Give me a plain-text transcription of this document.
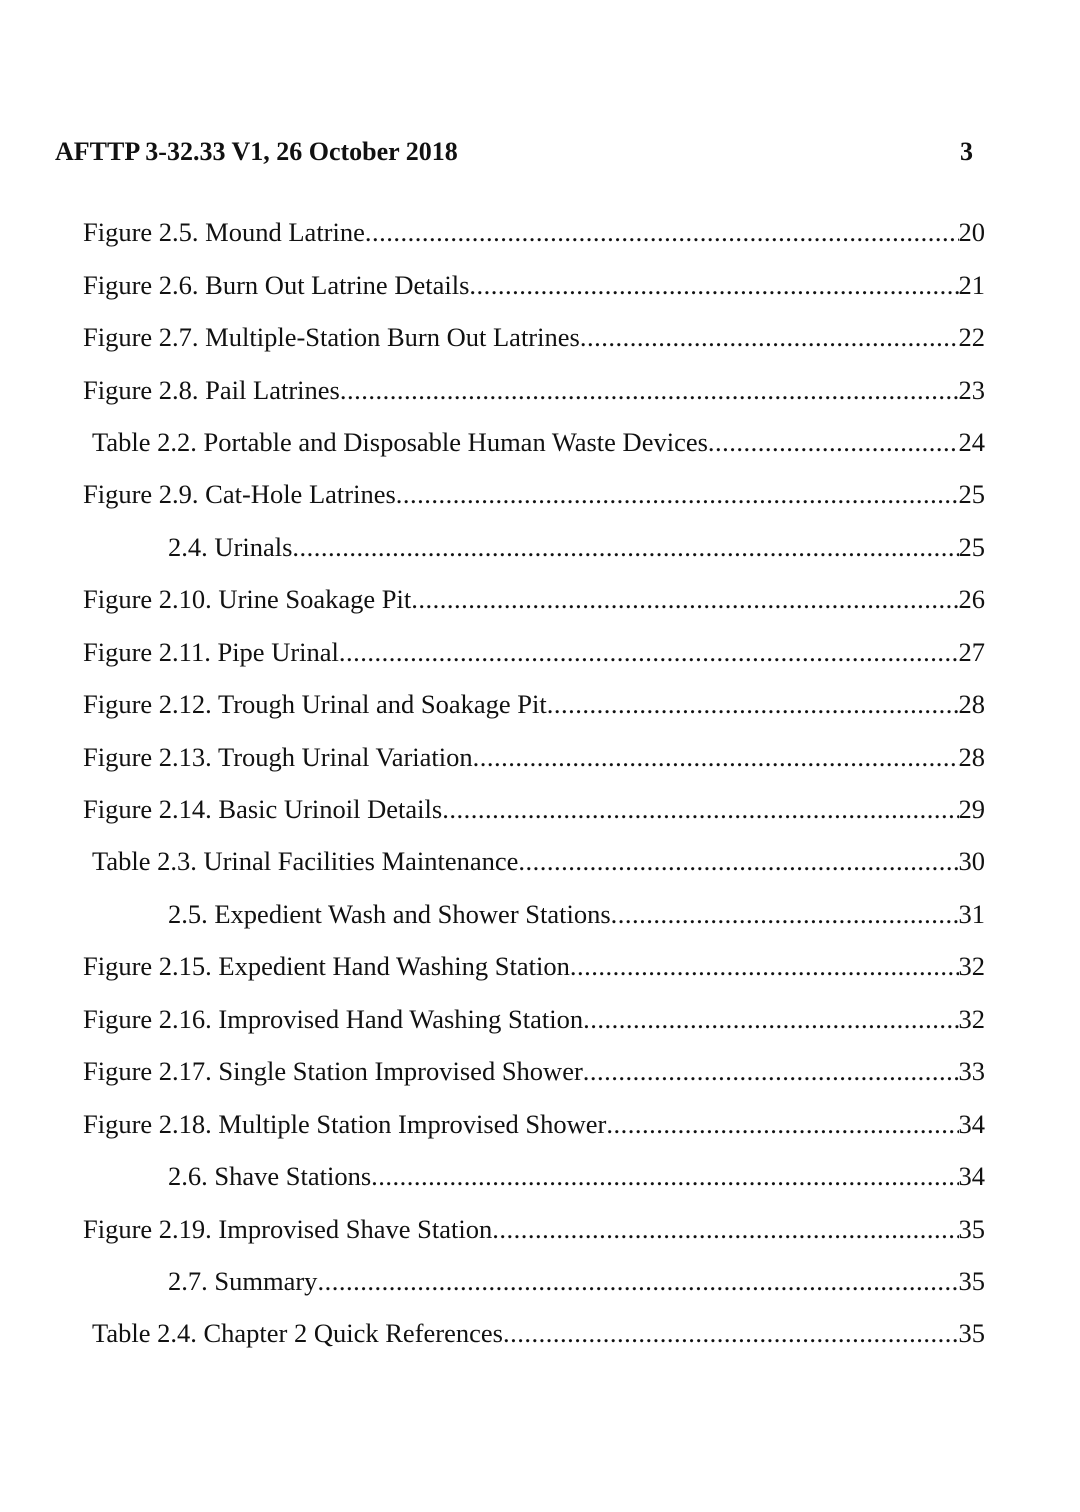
AFTTP 3-32.33 V1, 26 October 2018	3
Figure 2.5. Mound Latrine .....	20
Figure 2.6. Burn Out Latrine Details .....	21
Figure 2.7. Multiple-Station Burn Out Latrines .....	22
Figure 2.8. Pail Latrines .....	23
Table 2.2. Portable and Disposable Human Waste Devices .....	24
Figure 2.9. Cat-Hole Latrines .....	25
2.4. Urinals .....	25
Figure 2.10. Urine Soakage Pit .....	26
Figure 2.11. Pipe Urinal .....	27
Figure 2.12. Trough Urinal and Soakage Pit .....	28
Figure 2.13. Trough Urinal Variation .....	28
Figure 2.14. Basic Urinoil Details .....	29
Table 2.3. Urinal Facilities Maintenance .....	30
2.5. Expedient Wash and Shower Stations .....	31
Figure 2.15. Expedient Hand Washing Station .....	32
Figure 2.16. Improvised Hand Washing Station .....	32
Figure 2.17. Single Station Improvised Shower .....	33
Figure 2.18. Multiple Station Improvised Shower .....	34
2.6. Shave Stations .....	34
Figure 2.19. Improvised Shave Station .....	35
2.7. Summary .....	35
Table 2.4. Chapter 2 Quick References .....	35
